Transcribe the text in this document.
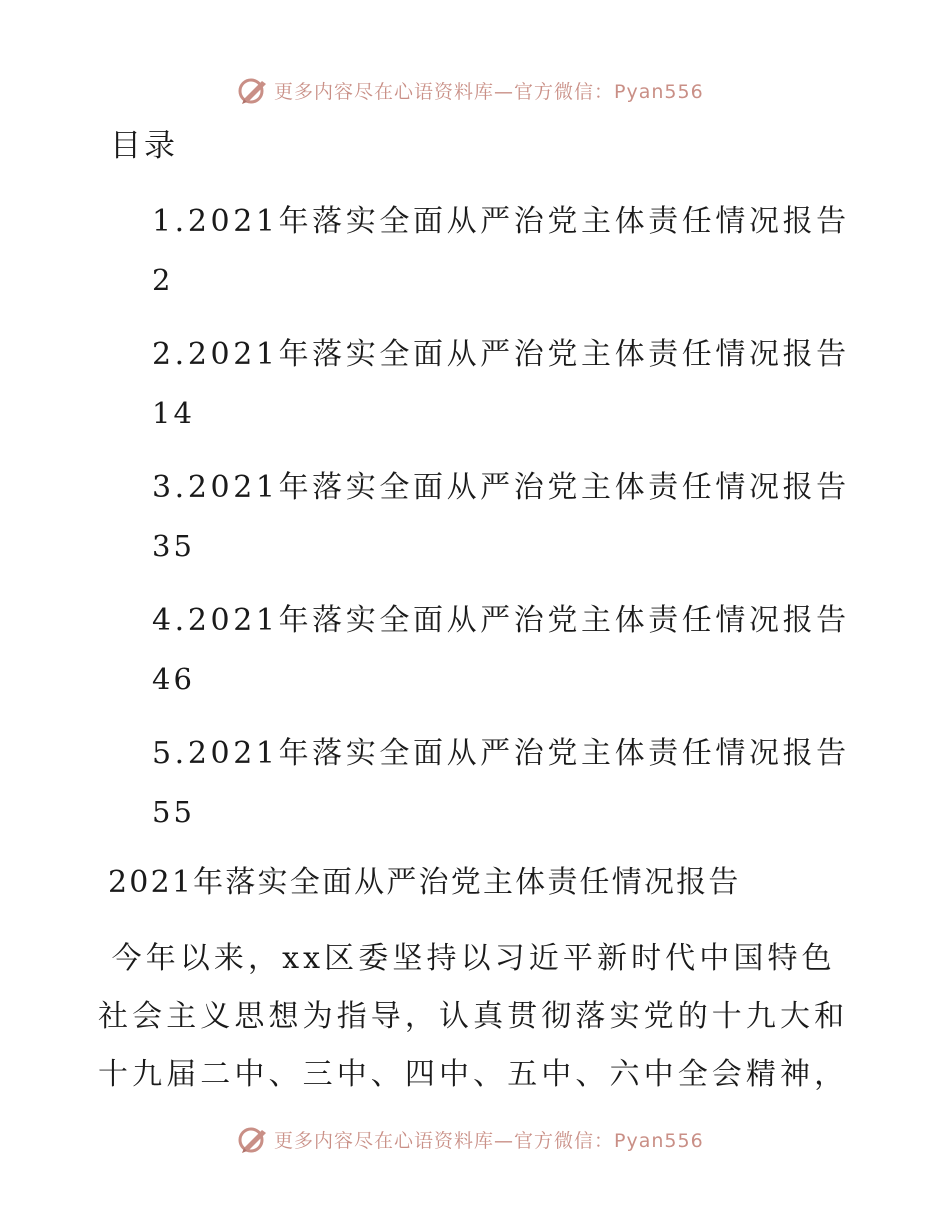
更多内容尽在心语资料库—官方微信：Pyan556
目录
1.2021年落实全面从严治党主体责任情况报告
2
2.2021年落实全面从严治党主体责任情况报告
14
3.2021年落实全面从严治党主体责任情况报告
35
4.2021年落实全面从严治党主体责任情况报告
46
5.2021年落实全面从严治党主体责任情况报告
55
2021年落实全面从严治党主体责任情况报告
今年以来，xx区委坚持以习近平新时代中国特色
社会主义思想为指导，认真贯彻落实党的十九大和
十九届二中、三中、四中、五中、六中全会精神，
更多内容尽在心语资料库—官方微信：Pyan556
